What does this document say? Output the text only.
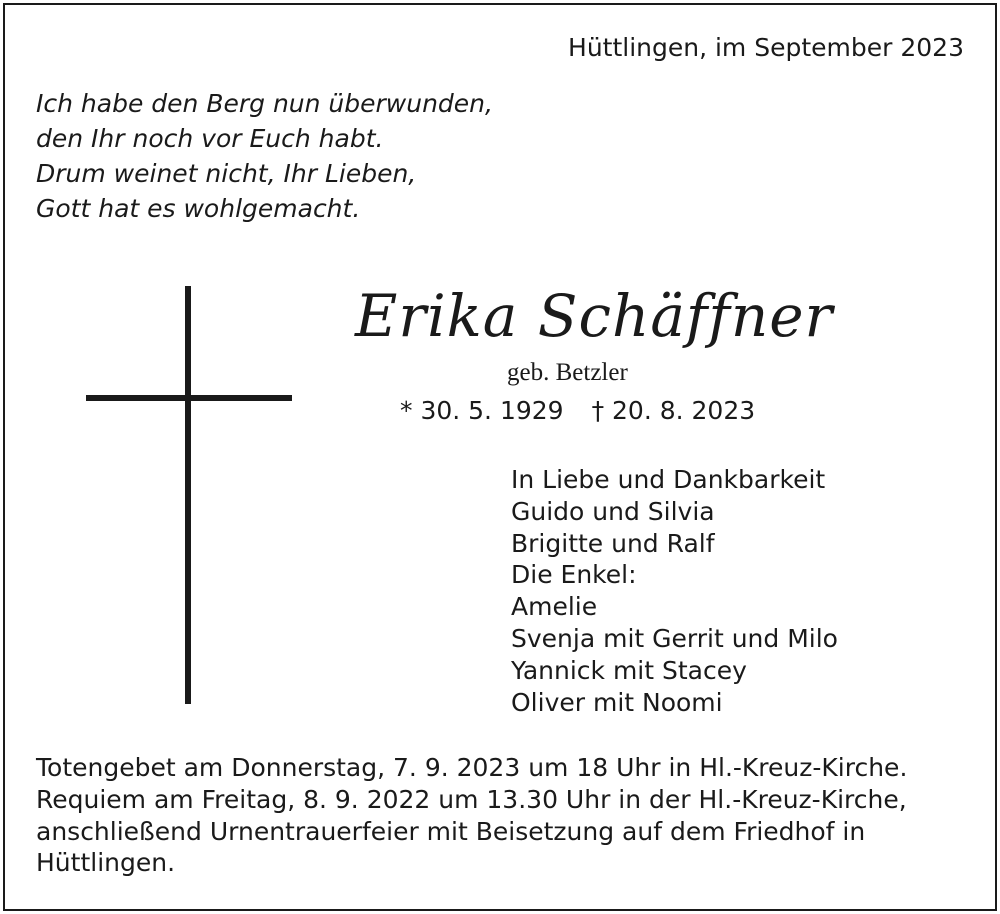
Hüttlingen, im September 2023
Ich habe den Berg nun überwunden,
den Ihr noch vor Euch habt.
Drum weinet nicht, Ihr Lieben,
Gott hat es wohlgemacht.
Erika Schäffner
geb. Betzler
* 30. 5. 1929 † 20. 8. 2023
In Liebe und Dankbarkeit
Guido und Silvia
Brigitte und Ralf
Die Enkel:
Amelie
Svenja mit Gerrit und Milo
Yannick mit Stacey
Oliver mit Noomi
Totengebet am Donnerstag, 7. 9. 2023 um 18 Uhr in Hl.-Kreuz-Kirche.
Requiem am Freitag, 8. 9. 2022 um 13.30 Uhr in der Hl.-Kreuz-Kirche,
anschließend Urnentrauerfeier mit Beisetzung auf dem Friedhof in
Hüttlingen.
